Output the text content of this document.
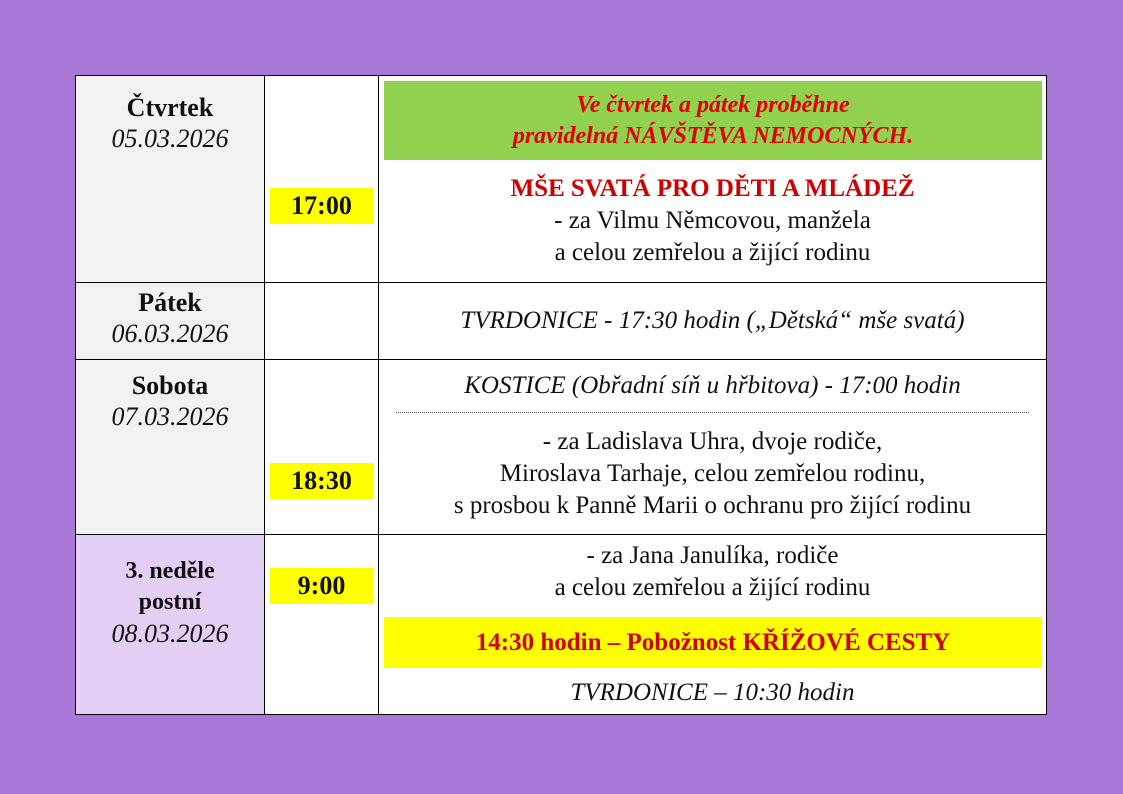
Čtvrtek
05.03.2026
17:00
Ve čtvrtek a pátek proběhne
pravidelná NÁVŠTĚVA NEMOCNÝCH.
MŠE SVATÁ PRO DĚTI A MLÁDEŽ
- za Vilmu Němcovou, manžela
a celou zemřelou a žijící rodinu
Pátek
06.03.2026	TVRDONICE - 17:30 hodin („Dětská“ mše svatá)
Sobota
07.03.2026
18:30
KOSTICE (Obřadní síň u hřbitova) - 17:00 hodin
- za Ladislava Uhra, dvoje rodiče,
Miroslava Tarhaje, celou zemřelou rodinu,
s prosbou k Panně Marii o ochranu pro žijící rodinu
3. neděle
postní
08.03.2026
9:00
- za Jana Janulíka, rodiče
a celou zemřelou a žijící rodinu
14:30 hodin – Pobožnost KŘÍŽOVÉ CESTY
TVRDONICE – 10:30 hodin
